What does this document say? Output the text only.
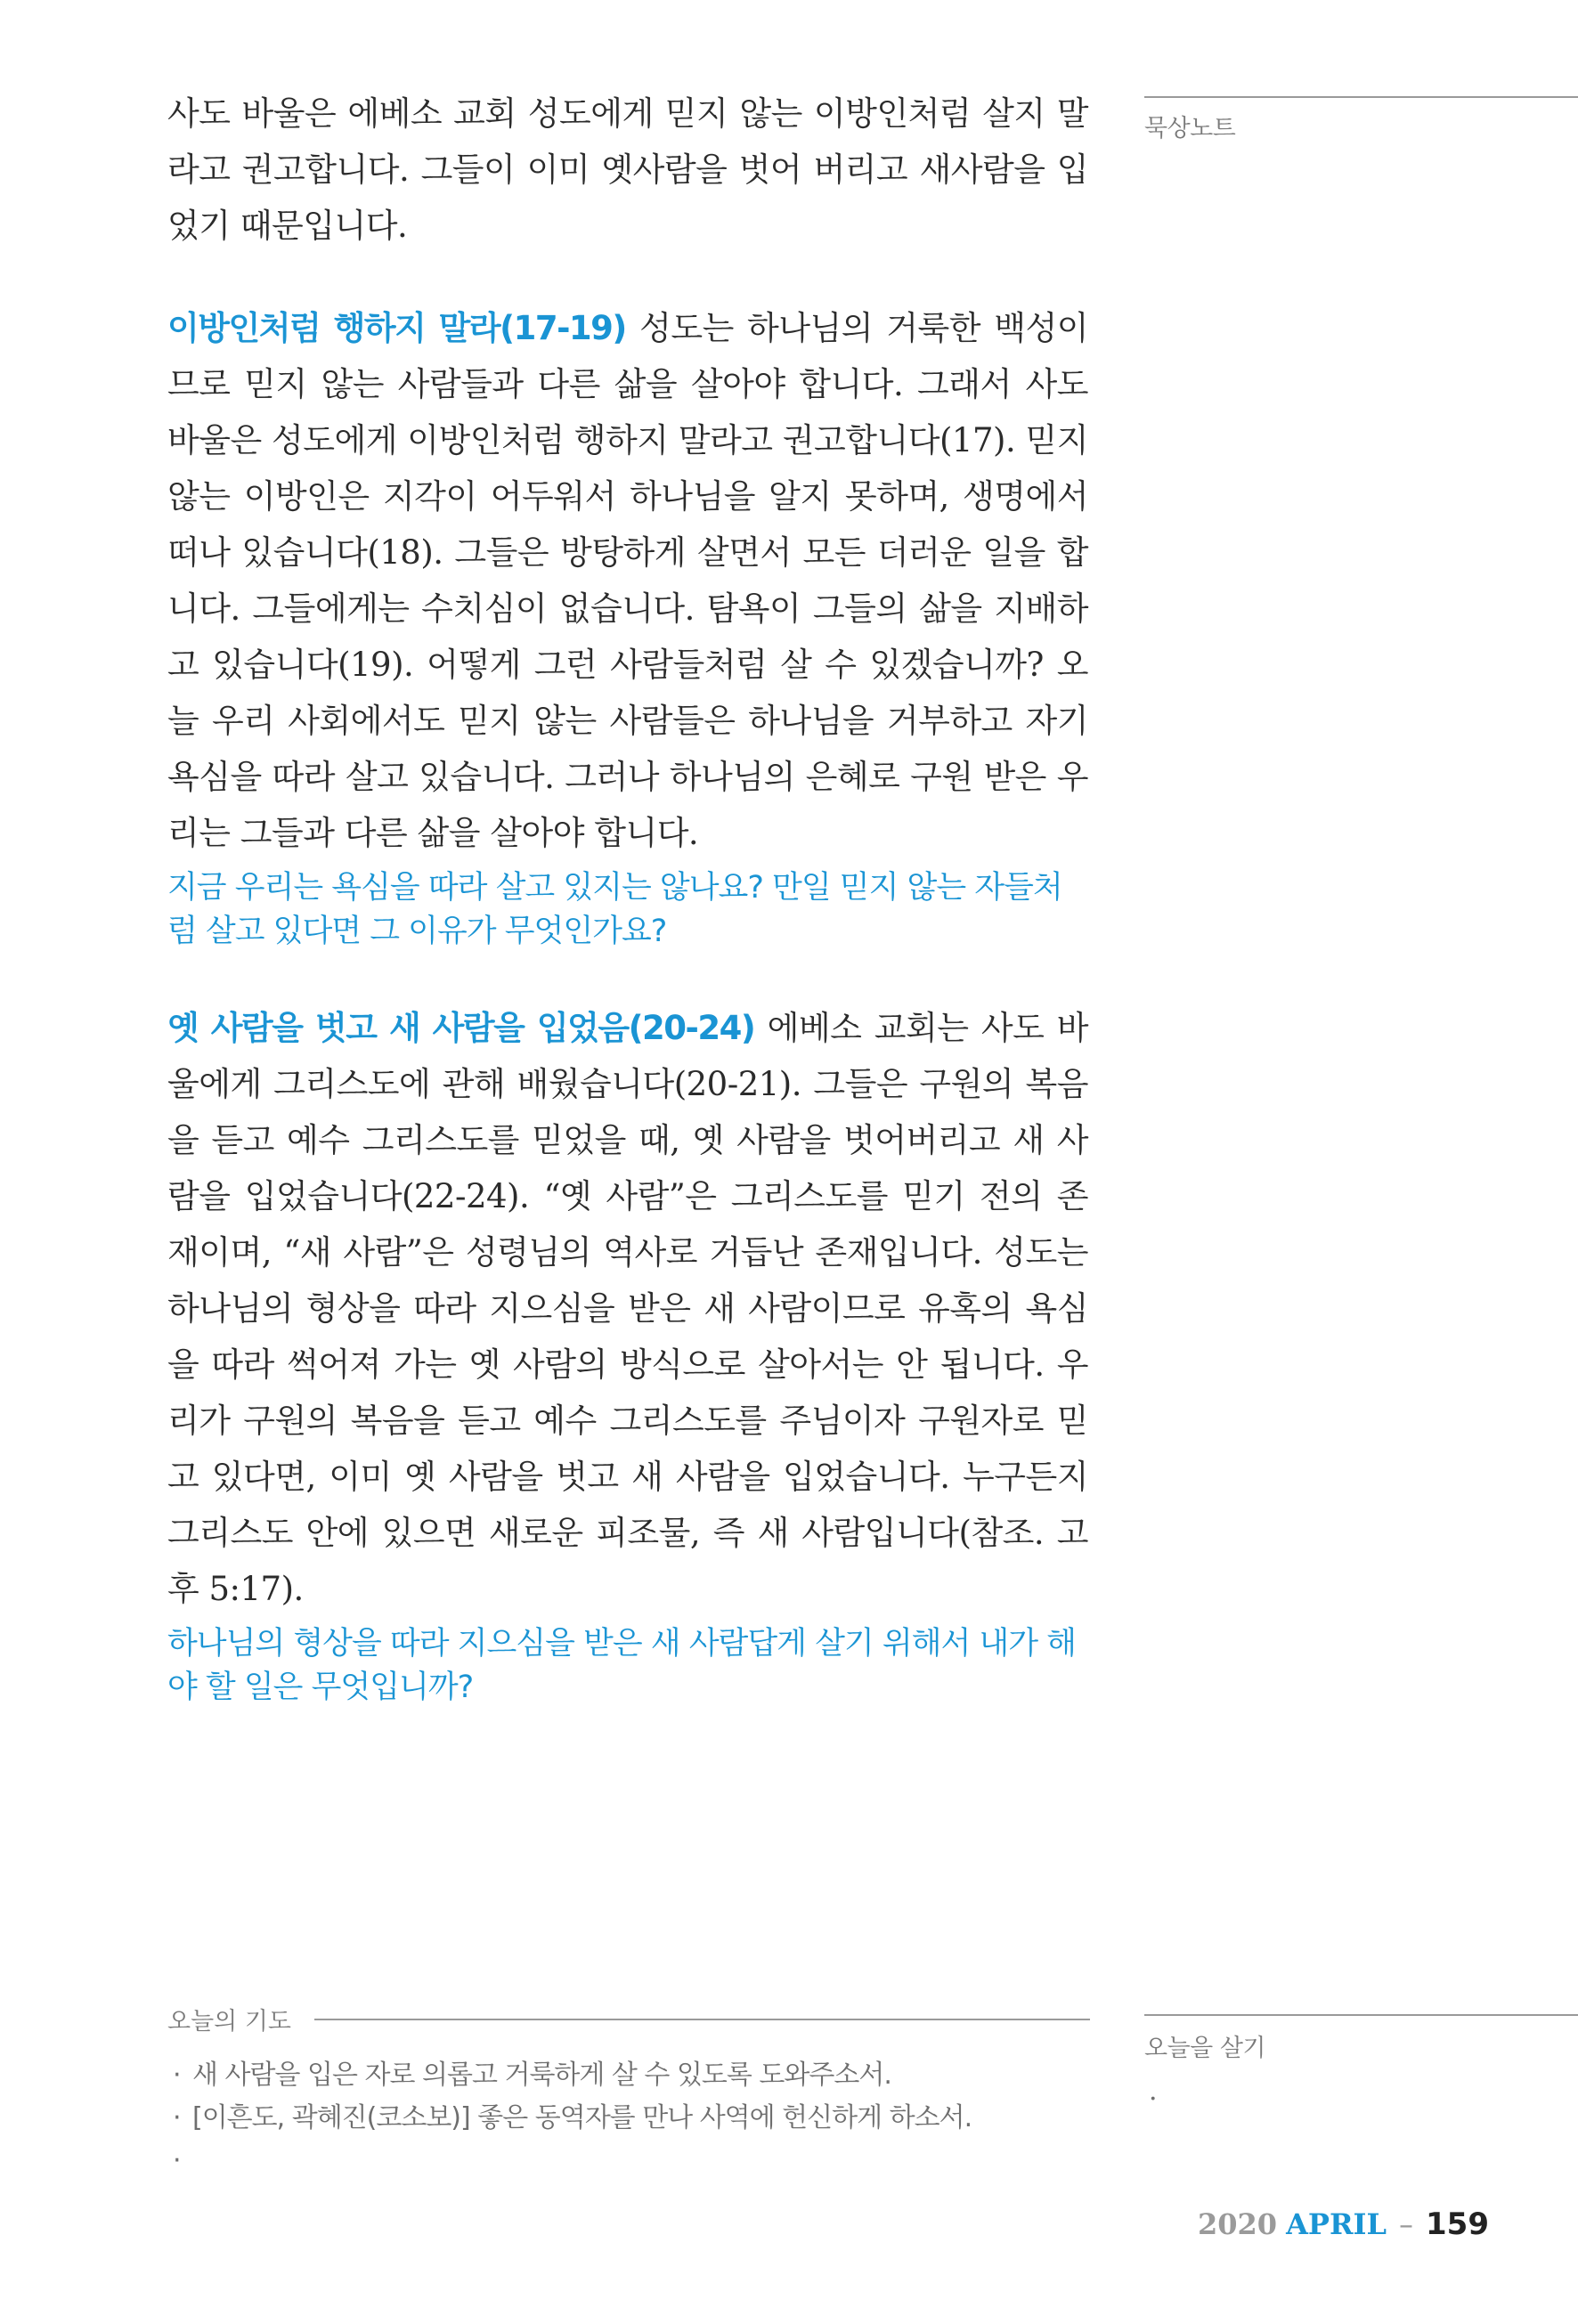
묵상노트

사도 바울은 에베소 교회 성도에게 믿지 않는 이방인처럼 살지 말라고 권고합니다. 그들이 이미 옛사람을 벗어 버리고 새사람을 입었기 때문입니다.

이방인처럼 행하지 말라(17-19) 성도는 하나님의 거룩한 백성이므로 믿지 않는 사람들과 다른 삶을 살아야 합니다. 그래서 사도 바울은 성도에게 이방인처럼 행하지 말라고 권고합니다(17). 믿지 않는 이방인은 지각이 어두워서 하나님을 알지 못하며, 생명에서 떠나 있습니다(18). 그들은 방탕하게 살면서 모든 더러운 일을 합니다. 그들에게는 수치심이 없습니다. 탐욕이 그들의 삶을 지배하고 있습니다(19). 어떻게 그런 사람들처럼 살 수 있겠습니까? 오늘 우리 사회에서도 믿지 않는 사람들은 하나님을 거부하고 자기 욕심을 따라 살고 있습니다. 그러나 하나님의 은혜로 구원 받은 우리는 그들과 다른 삶을 살아야 합니다.

지금 우리는 욕심을 따라 살고 있지는 않나요? 만일 믿지 않는 자들처럼 살고 있다면 그 이유가 무엇인가요?

옛 사람을 벗고 새 사람을 입었음(20-24) 에베소 교회는 사도 바울에게 그리스도에 관해 배웠습니다(20-21). 그들은 구원의 복음을 듣고 예수 그리스도를 믿었을 때, 옛 사람을 벗어버리고 새 사람을 입었습니다(22-24). “옛 사람”은 그리스도를 믿기 전의 존재이며, “새 사람”은 성령님의 역사로 거듭난 존재입니다. 성도는 하나님의 형상을 따라 지으심을 받은 새 사람이므로 유혹의 욕심을 따라 썩어져 가는 옛 사람의 방식으로 살아서는 안 됩니다. 우리가 구원의 복음을 듣고 예수 그리스도를 주님이자 구원자로 믿고 있다면, 이미 옛 사람을 벗고 새 사람을 입었습니다. 누구든지 그리스도 안에 있으면 새로운 피조물, 즉 새 사람입니다(참조. 고후 5:17).

하나님의 형상을 따라 지으심을 받은 새 사람답게 살기 위해서 내가 해야 할 일은 무엇입니까?

오늘의 기도
· 새 사람을 입은 자로 의롭고 거룩하게 살 수 있도록 도와주소서.
· [이흔도, 곽혜진(코소보)] 좋은 동역자를 만나 사역에 헌신하게 하소서.
·
오늘을 살기
·
2020 APRIL – 159
